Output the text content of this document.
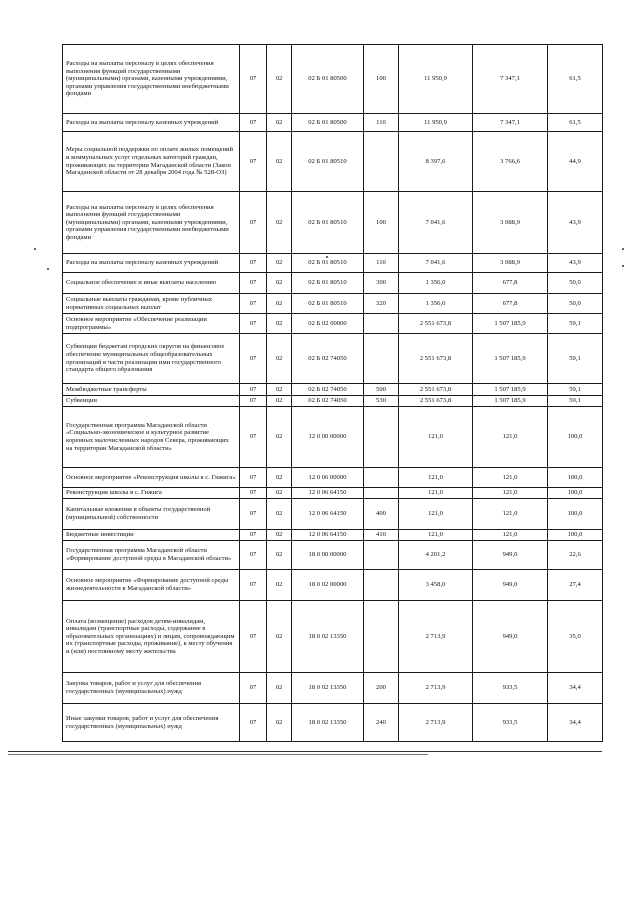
Расходы на выплаты персоналу в целях обеспечения выполнения функций государственными (муниципальными) органами, казенными учреждениями, органами управления государственными внебюджетными фондами	07	02	02 Б 01 80500	100	11 950,9	7 347,1	61,5
Расходы на выплаты персоналу казенных учреждений	07	02	02 Б 01 80500	110	11 950,9	7 347,1	61,5
Меры социальной поддержки по оплате жилых помещений и коммунальных услуг отдельных категорий граждан, проживающих на территории Магаданской области (Закон Магаданской области от 28 декабря 2004 года № 528-ОЗ)	07	02	02 Б 01 80510		8 397,6	3 766,6	44,9
Расходы на выплаты персоналу в целях обеспечения выполнения функций государственными (муниципальными) органами, казенными учреждениями, органами управления государственными внебюджетными фондами	07	02	02 Б 01 80510	100	7 041,6	3 088,9	43,9
Расходы на выплаты персоналу казенных учреждений	07	02	02 Б 01 80510	110	7 041,6	3 088,9	43,9
Социальное обеспечение и иные выплаты населению	07	02	02 Б 01 80510	300	1 356,0	677,8	50,0
Социальные выплаты гражданам, кроме публичных нормативных социальных выплат	07	02	02 Б 01 80510	320	1 356,0	677,8	50,0
Основное мероприятие «Обеспечение реализации подпрограммы»	07	02	02 Б 02 00000		2 551 673,8	1 507 185,9	59,1
Субвенции бюджетам городских округов на финансовое обеспечение муниципальных общеобразовательных организаций в части реализации ими государственного стандарта общего образования	07	02	02 Б 02 74050		2 551 673,8	1 507 185,9	59,1
Межбюджетные трансферты	07	02	02 Б 02 74050	500	2 551 673,8	1 507 185,9	59,1
Субвенции	07	02	02 Б 02 74050	530	2 551 673,8	1 507 185,9	59,1
Государственная программа Магаданской области «Социально-экономическое и культурное развитие коренных малочисленных народов Севера, проживающих на территории Магаданской области»	07	02	12 0 00 00000		121,0	121,0	100,0
Основное мероприятие «Реконструкция школы в с. Гижига»	07	02	12 0 06 00000		121,0	121,0	100,0
Реконструкция школы в с. Гижига	07	02	12 0 06 64150		121,0	121,0	100,0
Капитальные вложения в объекты государственной (муниципальной) собственности	07	02	12 0 06 64150	400	121,0	121,0	100,0
Бюджетные инвестиции	07	02	12 0 06 64150	410	121,0	121,0	100,0
Государственная программа Магаданской области «Формирование доступной среды в Магаданской области»	07	02	18 0 00 00000		4 201,2	949,0	22,6
Основное мероприятие «Формирование доступной среды жизнедеятельности в Магаданской области»	07	02	18 0 02 00000		3 458,0	949,0	27,4
Оплата (возмещение) расходов детям-инвалидам, инвалидам (транспортные расходы, содержание в образовательных организациях) и лицам, сопровождающим их (транспортные расходы, проживание), к месту обучения и (или) постоянному месту жительства	07	02	18 0 02 13350		2 713,9	949,0	35,0
Закупка товаров, работ и услуг для обеспечения государственных (муниципальных) нужд	07	02	18 0 02 13350	200	2 713,9	933,5	34,4
Иные закупки товаров, работ и услуг для обеспечения государственных (муниципальных) нужд	07	02	18 0 02 13350	240	2 713,9	933,5	34,4
